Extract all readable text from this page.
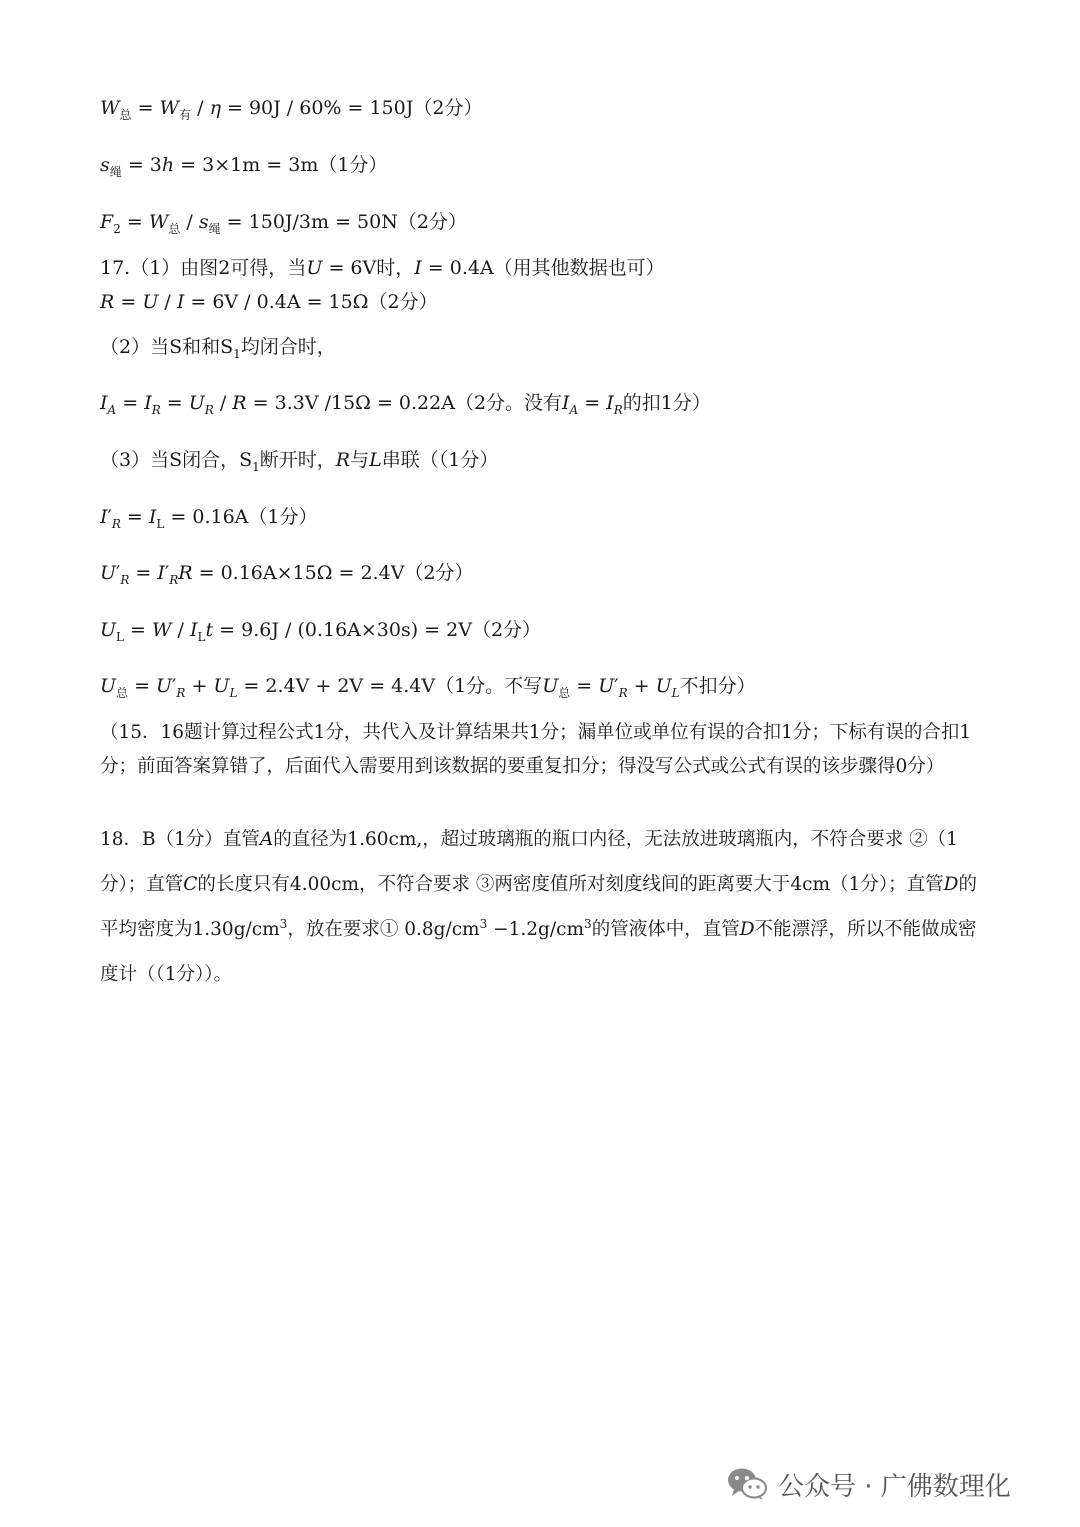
$W_总 = W_有 / \eta = 90J / 60\% = 150J(2$分）
$s_绳 = 3h = 3\times 1m = 3m(1$分）
$F_2 = W_总 / s_绳 = 150J/3m = 50N(2$分）
17.（1）由图2可得，当U = 6V时，I = 0.4A（用其他数据也可）
R = U / I = 6V / 0.4A = 15Ω（2分）
（2）当S和和$S_1$均闭合时，
$I_A = I_R = U_R / R = 3.3V$ /15Ω = 0.22A（2分。没有$I_A = I_R$的扣1分）
（3）当S闭合，$S_1$断开时，R与L串联（（1分）
$I'_R = I_L = 0.16A(1$分）
$U'_R = I'_RR = 0.16A\times 15\Omega = 2.4V(2$分）
$U_L = W / I_Lt = 9.6J / (0.16A\times 30s) = 2V(2$分）
$U_总 = U'_R + U_L = 2.4V + 2V = 4.4V(1$分。不写$U_总 = U'_R + U_L$不扣分）
（15．16题计算过程公式1分，共代入及计算结果共1分；漏单位或单位有误的合扣1分；下标有误的合扣1分；前面答案算错了，后面代入需要用到该数据的要重复扣分；得没写公式或公式有误的该步骤得0分）
18．B（1分）直管A的直径为1.60cm,，超过玻璃瓶的瓶口内径，无法放进玻璃瓶内，不符合要求 ②（1分）；直管C的长度只有4.00cm，不符合要求 ③两密度值所对刻度线间的距离要大于4cm（1分）；直管D的平均密度为$1.30g/cm^3$，放在要求① $0.8g/cm^3 -1.2g/cm^3$的管液体中，直管D不能漂浮，所以不能做成密度计（（1分））。
公众号 · 广佛数理化
